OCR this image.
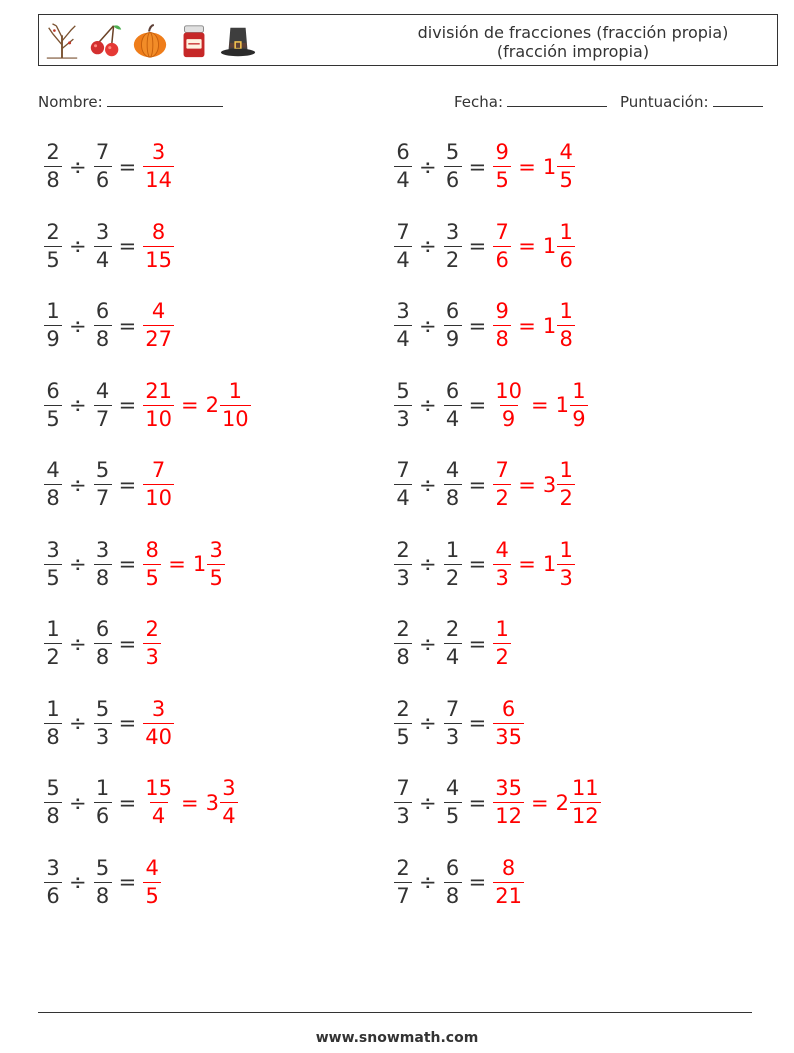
división de fracciones (fracción propia)
(fracción impropia)
Nombre:	Fecha:	Puntuación:
$\frac{2}{8} \div \frac{7}{6} = \frac{3}{14}$	$\frac{6}{4} \div \frac{5}{6} = \frac{9}{5} = 1 \frac{4}{5}$
$\frac{2}{5} \div \frac{3}{4} = \frac{8}{15}$	$\frac{7}{4} \div \frac{3}{2} = \frac{7}{6} = 1 \frac{1}{6}$
$\frac{1}{9} \div \frac{6}{8} = \frac{4}{27}$	$\frac{3}{4} \div \frac{6}{9} = \frac{9}{8} = 1 \frac{1}{8}$
$\frac{6}{5} \div \frac{4}{7} = \frac{21}{10} = 2 \frac{1}{10}$	$\frac{5}{3} \div \frac{6}{4} = \frac{10}{9} = 1 \frac{1}{9}$
$\frac{4}{8} \div \frac{5}{7} = \frac{7}{10}$	$\frac{7}{4} \div \frac{4}{8} = \frac{7}{2} = 3 \frac{1}{2}$
$\frac{3}{5} \div \frac{3}{8} = \frac{8}{5} = 1 \frac{3}{5}$	$\frac{2}{3} \div \frac{1}{2} = \frac{4}{3} = 1 \frac{1}{3}$
$\frac{1}{2} \div \frac{6}{8} = \frac{2}{3}$	$\frac{2}{8} \div \frac{2}{4} = \frac{1}{2}$
$\frac{1}{8} \div \frac{5}{3} = \frac{3}{40}$	$\frac{2}{5} \div \frac{7}{3} = \frac{6}{35}$
$\frac{5}{8} \div \frac{1}{6} = \frac{15}{4} = 3 \frac{3}{4}$	$\frac{7}{3} \div \frac{4}{5} = \frac{35}{12} = 2 \frac{11}{12}$
$\frac{3}{6} \div \frac{5}{8} = \frac{4}{5}$	$\frac{2}{7} \div \frac{6}{8} = \frac{8}{21}$
www.snowmath.com
